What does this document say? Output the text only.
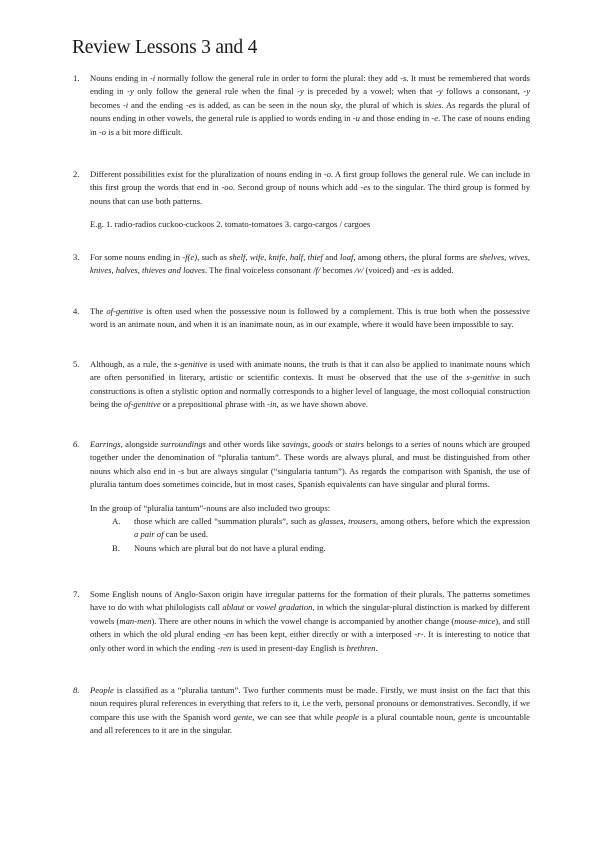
Review Lessons 3 and 4
1. Nouns ending in -i normally follow the general rule in order to form the plural: they add -s. It must be remembered that words ending in -y only follow the general rule when the final -y is preceded by a vowel; when that -y follows a consonant, -y becomes -i and the ending -es is added, as can be seen in the noun sky, the plural of which is skies. As regards the plural of nouns ending in other vowels, the general rule is applied to words ending in -u and those ending in -e. The case of nouns ending in -o is a bit more difficult.
2. Different possibilities exist for the pluralization of nouns ending in -o. A first group follows the general rule. We can include in this first group the words that end in -oo. Second group of nouns which add -es to the singular. The third group is formed by nouns that can use both patterns.

E.g. 1. radio-radios cuckoo-cuckoos 2. tomato-tomatoes 3. cargo-cargos / cargoes

3. For some nouns ending in -f(e), such as shelf, wife, knife, half, thief and loaf, among others, the plural forms are shelves, wives, knives, halves, thieves and loaves. The final voiceless consonant /f/ becomes /v/ (voiced) and -es is added.
4. The of-genitive is often used when the possessive noun is followed by a complement. This is true both when the possessive word is an animate noun, and when it is an inanimate noun, as in our example, where it would have been impossible to say.
5. Although, as a rule, the s-genitive is used with animate nouns, the truth is that it can also be applied to inanimate nouns which are often personified in literary, artistic or scientific contexts. It must be observed that the use of the s-genitive in such constructions is often a stylistic option and normally corresponds to a higher level of language, the most colloquial construction being the of-genitive or a prepositional phrase with -in, as we have shown above.
6. Earrings, alongside surroundings and other words like savings, goods or stairs belongs to a series of nouns which are grouped together under the denomination of “pluralia tantum”. These words are always plural, and must be distinguished from other nouns which also end in -s but are always singular (“singularia tantum”). As regards the comparison with Spanish, the use of pluralia tantum does sometimes coincide, but in most cases, Spanish equivalents can have singular and plural forms.

In the group of “pluralia tantum”-nouns are also included two groups:

A. those which are called “summation plurals”, such as glasses, trousers, among others, before which the expression a pair of can be used.
B. Nouns which are plural but do not have a plural ending.
7. Some English nouns of Anglo-Saxon origin have irregular patterns for the formation of their plurals. The patterns sometimes have to do with what philologists call ablaut or vowel gradation, in which the singular-plural distinction is marked by different vowels (man-men). There are other nouns in which the vowel change is accompanied by another change (mouse-mice), and still others in which the old plural ending -en has been kept, either directly or with a interposed -r-. It is interesting to notice that only other word in which the ending -ren is used in present-day English is brethren.
8. People is classified as a “pluralia tantum”. Two further comments must be made. Firstly, we must insist on the fact that this noun requires plural references in everything that refers to it, i.e the verb, personal pronouns or demonstratives. Secondly, if we compare this use with the Spanish word gente, we can see that while people is a plural countable noun, gente is uncountable and all references to it are in the singular.
